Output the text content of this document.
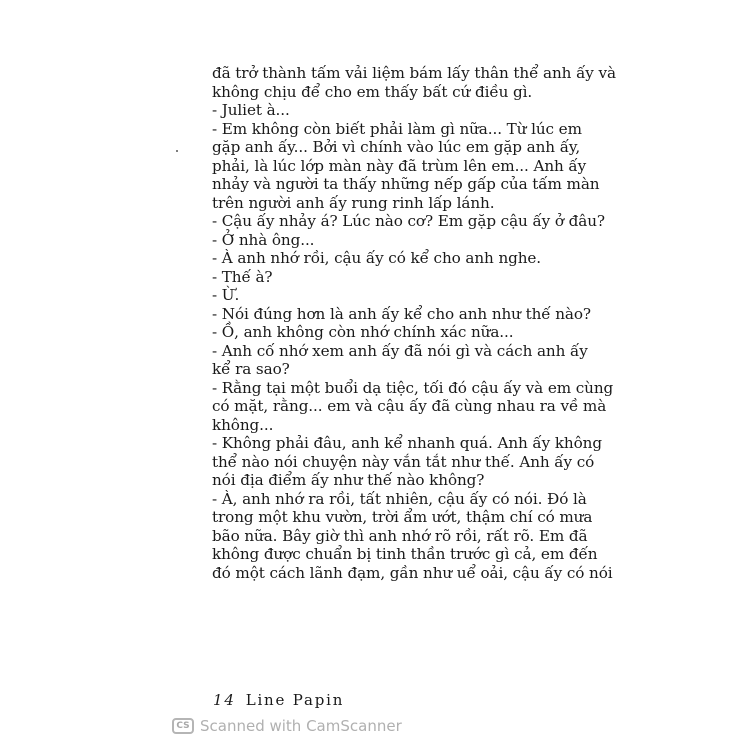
đã trở thành tấm vải liệm bám lấy thân thể anh ấy và
không chịu để cho em thấy bất cứ điều gì.
- Juliet à...
- Em không còn biết phải làm gì nữa... Từ lúc em
gặp anh ấy... Bởi vì chính vào lúc em gặp anh ấy,
phải, là lúc lớp màn này đã trùm lên em... Anh ấy
nhảy và người ta thấy những nếp gấp của tấm màn
trên người anh ấy rung rinh lấp lánh.
- Cậu ấy nhảy á? Lúc nào cơ? Em gặp cậu ấy ở đâu?
- Ở nhà ông...
- À anh nhớ rồi, cậu ấy có kể cho anh nghe.
- Thế à?
- Ừ.
- Nói đúng hơn là anh ấy kể cho anh như thế nào?
- Ồ, anh không còn nhớ chính xác nữa...
- Anh cố nhớ xem anh ấy đã nói gì và cách anh ấy
kể ra sao?
- Rằng tại một buổi dạ tiệc, tối đó cậu ấy và em cùng
có mặt, rằng... em và cậu ấy đã cùng nhau ra về mà
không...
- Không phải đâu, anh kể nhanh quá. Anh ấy không
thể nào nói chuyện này vắn tắt như thế. Anh ấy có
nói địa điểm ấy như thế nào không?
- À, anh nhớ ra rồi, tất nhiên, cậu ấy có nói. Đó là
trong một khu vườn, trời ẩm ướt, thậm chí có mưa
bão nữa. Bây giờ thì anh nhớ rõ rồi, rất rõ. Em đã
không được chuẩn bị tinh thần trước gì cả, em đến
đó một cách lãnh đạm, gần như uể oải, cậu ấy có nói
14 Line Papin
CS Scanned with CamScanner
